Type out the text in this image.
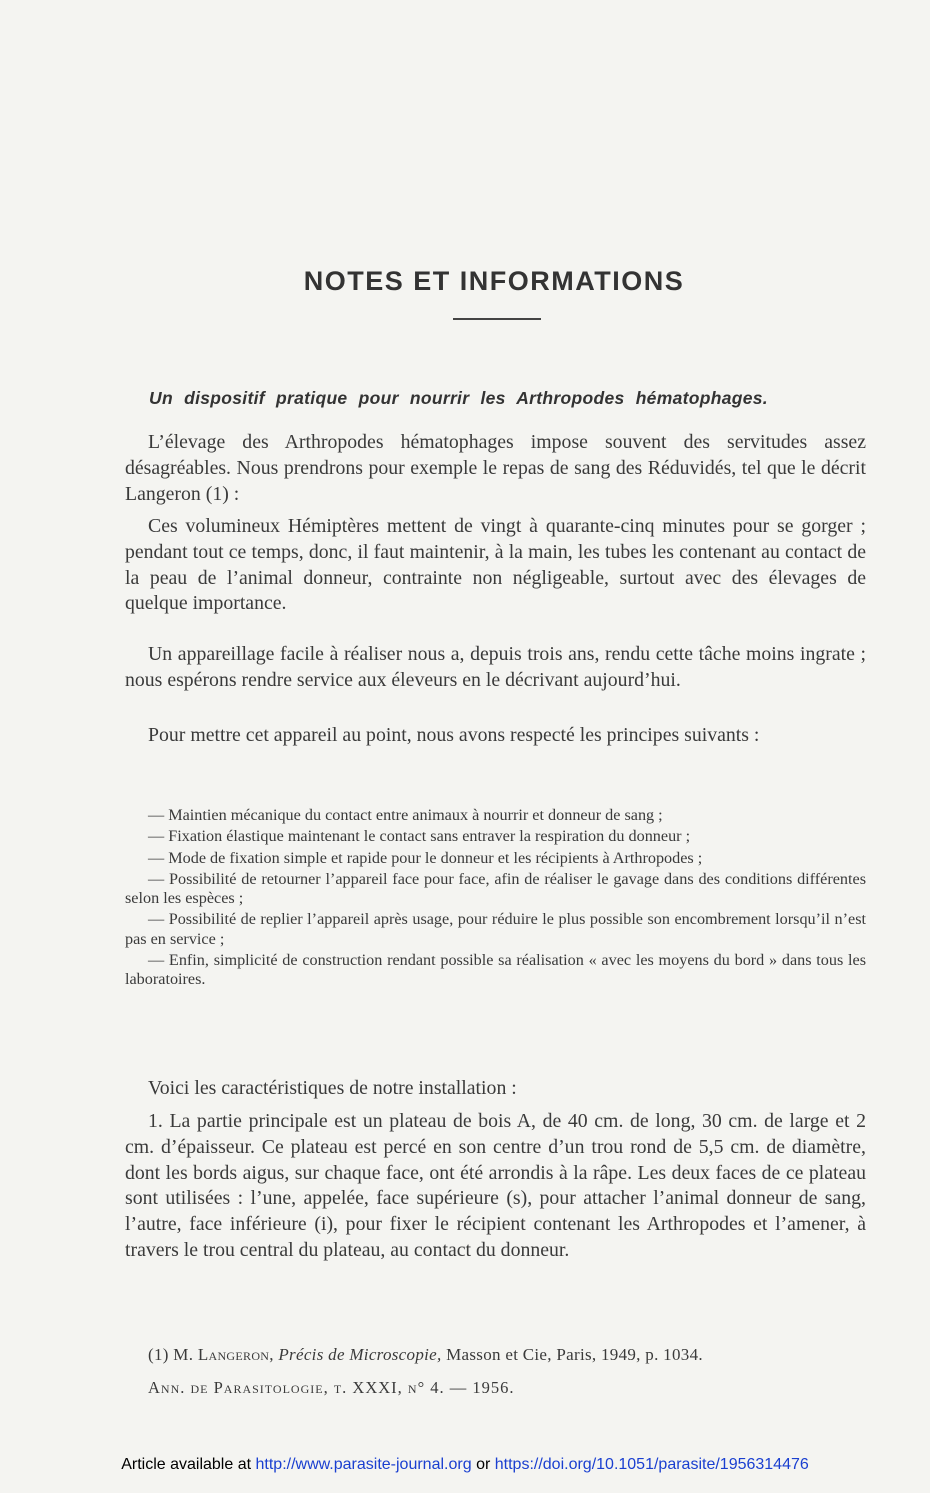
NOTES ET INFORMATIONS
Un dispositif pratique pour nourrir les Arthropodes hématophages.

L’élevage des Arthropodes hématophages impose souvent des servitudes assez désagréables. Nous prendrons pour exemple le repas de sang des Réduvidés, tel que le décrit Langeron (1) :

Ces volumineux Hémiptères mettent de vingt à quarante-cinq minutes pour se gorger ; pendant tout ce temps, donc, il faut maintenir, à la main, les tubes les contenant au contact de la peau de l’animal donneur, contrainte non négligeable, surtout avec des élevages de quelque importance.

Un appareillage facile à réaliser nous a, depuis trois ans, rendu cette tâche moins ingrate ; nous espérons rendre service aux éleveurs en le décrivant aujourd’hui.

Pour mettre cet appareil au point, nous avons respecté les principes suivants :

— Maintien mécanique du contact entre animaux à nourrir et donneur de sang ;

— Fixation élastique maintenant le contact sans entraver la respiration du donneur ;

— Mode de fixation simple et rapide pour le donneur et les récipients à Arthropodes ;

— Possibilité de retourner l’appareil face pour face, afin de réaliser le gavage dans des conditions différentes selon les espèces ;

— Possibilité de replier l’appareil après usage, pour réduire le plus possible son encombrement lorsqu’il n’est pas en service ;

— Enfin, simplicité de construction rendant possible sa réalisation « avec les moyens du bord » dans tous les laboratoires.

Voici les caractéristiques de notre installation :

1. La partie principale est un plateau de bois A, de 40 cm. de long, 30 cm. de large et 2 cm. d’épaisseur. Ce plateau est percé en son centre d’un trou rond de 5,5 cm. de diamètre, dont les bords aigus, sur chaque face, ont été arrondis à la râpe. Les deux faces de ce plateau sont utilisées : l’une, appelée, face supérieure (s), pour attacher l’animal donneur de sang, l’autre, face inférieure (i), pour fixer le récipient contenant les Arthropodes et l’amener, à travers le trou central du plateau, au contact du donneur.

(1) M. Langeron, Précis de Microscopie, Masson et Cie, Paris, 1949, p. 1034.
Ann. de Parasitologie, t. XXXI, n° 4. — 1956.
Article available at http://www.parasite-journal.org or https://doi.org/10.1051/parasite/1956314476
